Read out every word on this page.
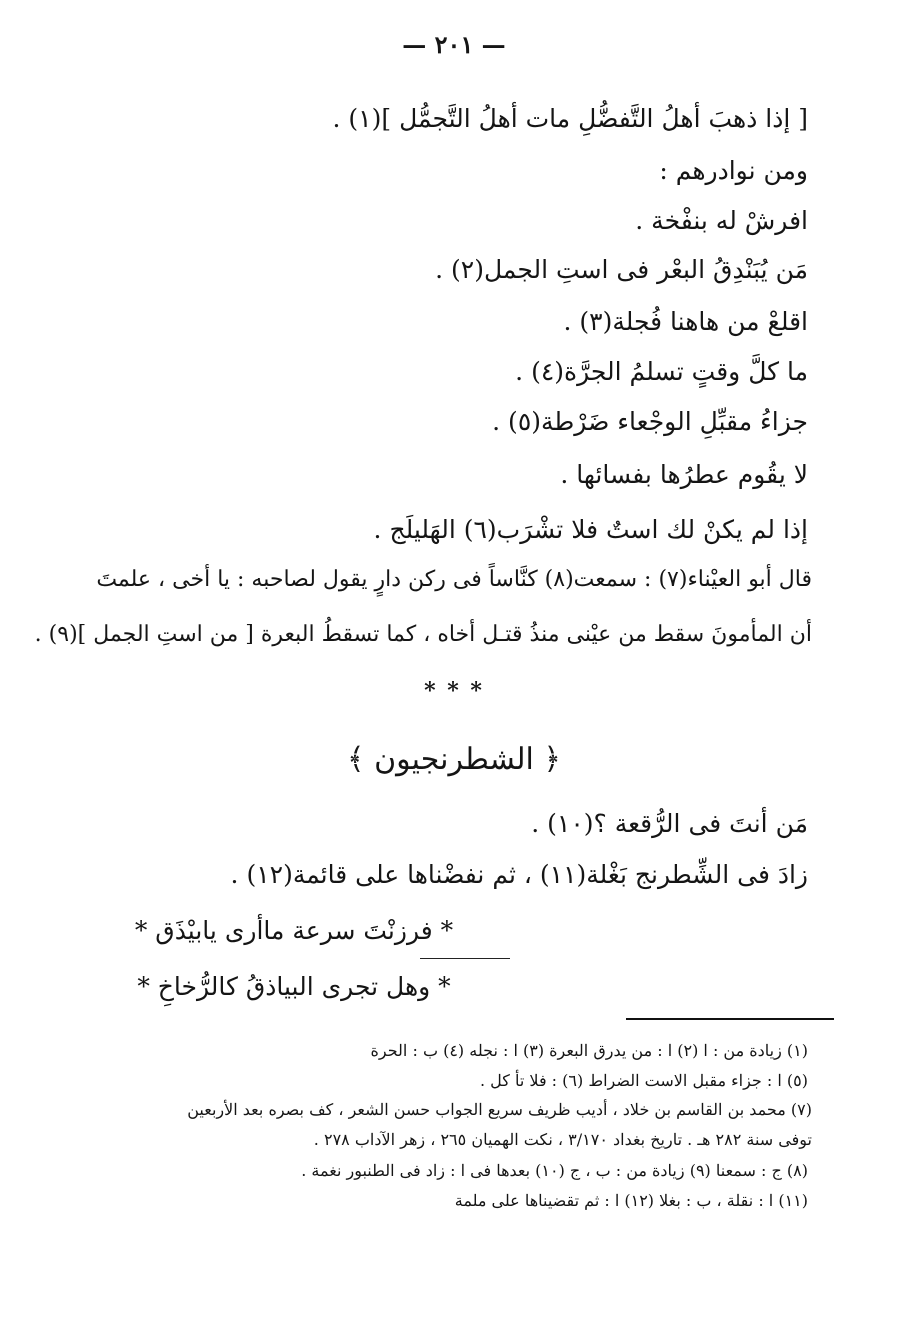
— ٢٠١ —
[ إذا ذهبَ أهلُ التَّفضُّلِ مات أهلُ التَّجمُّل ](١) .
ومن نوادرهم :
افرشْ له بنفْخة .
مَن يُبَنْدِقُ البعْر فى استِ الجمل(٢) .
اقلعْ من هاهنا فُجلة(٣) .
ما كلَّ وقتٍ تسلمُ الجرَّة(٤) .
جزاءُ مقبِّلِ الوجْعاء ضَرْطة(٥) .
لا يقُوم عطرُها بفسائها .
إذا لم يكنْ لك استٌ فلا تشْرَب(٦) الهَليلَج .
قال أبو العيْناء(٧) : سمعت(٨) كنَّاساً فى ركن دارٍ يقول لصاحبه : يا أخى ، علمتَ
أن المأمونَ سقط من عيْنى منذُ قتـل أخاه ، كما تسقطُ البعرة [ من استِ الجمل ](٩) .
* * *
﴿ الشطرنجيون ﴾
مَن أنتَ فى الرُّقعة ؟(١٠) .
زادَ فى الشِّطرنج بَغْلة(١١) ، ثم نفضْناها على قائمة(١٢) .
* فرزنْتَ سرعة ماأرى يابيْذَق *
* وهل تجرى البياذقُ كالرُّخاخِ *
(١) زيادة من : ا (٢) ا : من يدرق البعرة (٣) ا : نجله (٤) ب : الحرة
(٥) ا : جزاء مقبل الاست الضراط (٦) : فلا تأ كل .
(٧) محمد بن القاسم بن خلاد ، أديب ظريف سريع الجواب حسن الشعر ، كف بصره بعد الأربعين
توفى سنة ٢٨٢ هـ . تاريخ بغداد ٣/١٧٠ ، نكت الهميان ٢٦٥ ، زهر الآداب ٢٧٨ .
(٨) ج : سمعنا (٩) زيادة من : ب ، ج (١٠) بعدها فى ا : زاد فى الطنبور نغمة .
(١١) ا : نقلة ، ب : بغلا (١٢) ا : ثم تقضيناها على ملمة
